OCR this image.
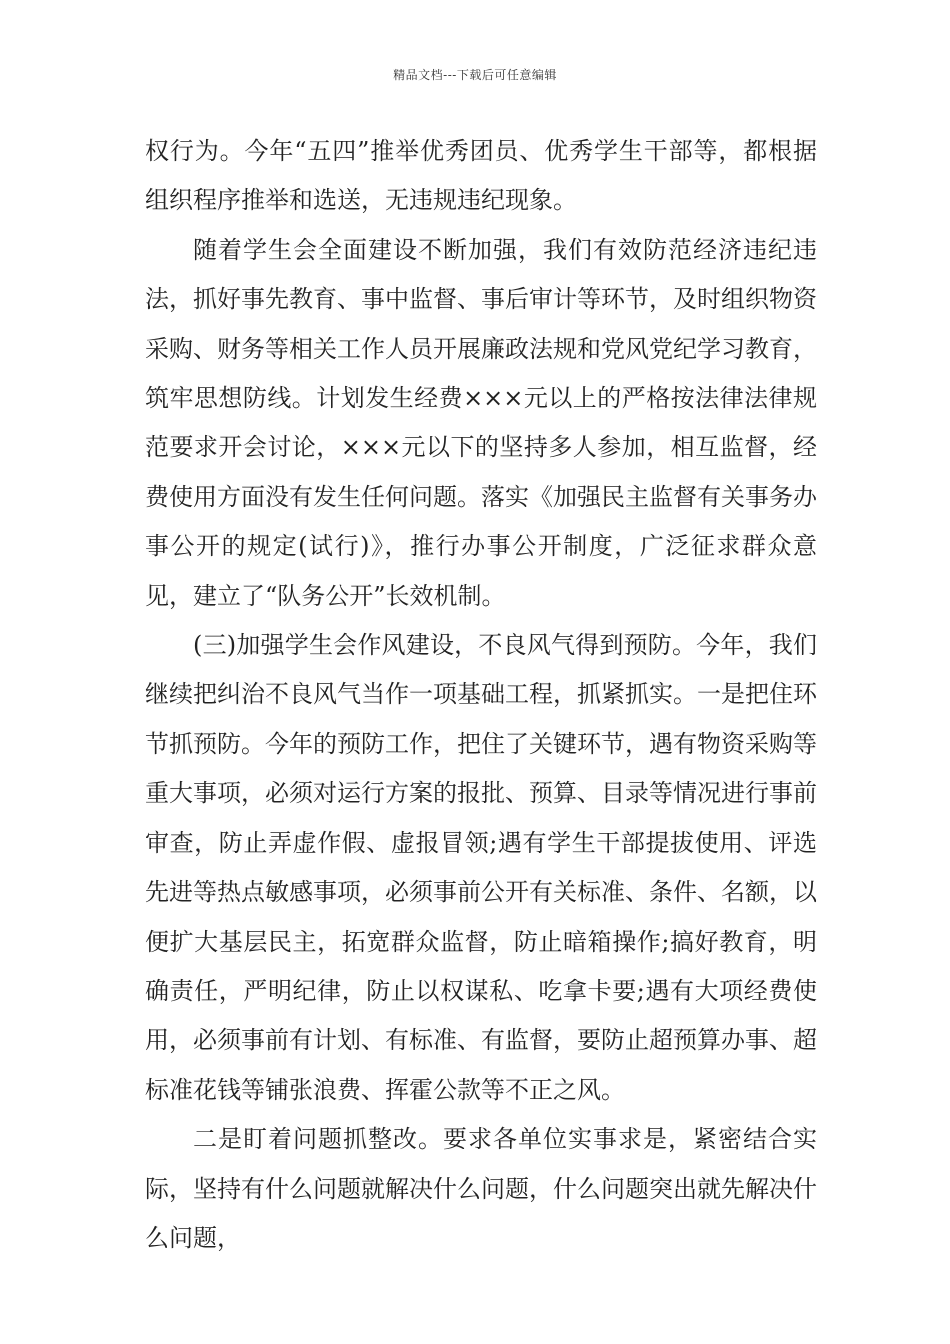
精品文档---下载后可任意编辑

权行为。今年“五四”推举优秀团员、优秀学生干部等，都根据组织程序推举和选送，无违规违纪现象。

随着学生会全面建设不断加强，我们有效防范经济违纪违法，抓好事先教育、事中监督、事后审计等环节，及时组织物资采购、财务等相关工作人员开展廉政法规和党风党纪学习教育，筑牢思想防线。计划发生经费×××元以上的严格按法律法律规范要求开会讨论，×××元以下的坚持多人参加，相互监督，经费使用方面没有发生任何问题。落实《加强民主监督有关事务办事公开的规定(试行)》，推行办事公开制度，广泛征求群众意见，建立了“队务公开”长效机制。

(三)加强学生会作风建设，不良风气得到预防。今年，我们继续把纠治不良风气当作一项基础工程，抓紧抓实。一是把住环节抓预防。今年的预防工作，把住了关键环节，遇有物资采购等重大事项，必须对运行方案的报批、预算、目录等情况进行事前审查，防止弄虚作假、虚报冒领;遇有学生干部提拔使用、评选先进等热点敏感事项，必须事前公开有关标准、条件、名额，以便扩大基层民主，拓宽群众监督，防止暗箱操作;搞好教育，明确责任，严明纪律，防止以权谋私、吃拿卡要;遇有大项经费使用，必须事前有计划、有标准、有监督，要防止超预算办事、超标准花钱等铺张浪费、挥霍公款等不正之风。

二是盯着问题抓整改。要求各单位实事求是，紧密结合实际，坚持有什么问题就解决什么问题，什么问题突出就先解决什么问题，
